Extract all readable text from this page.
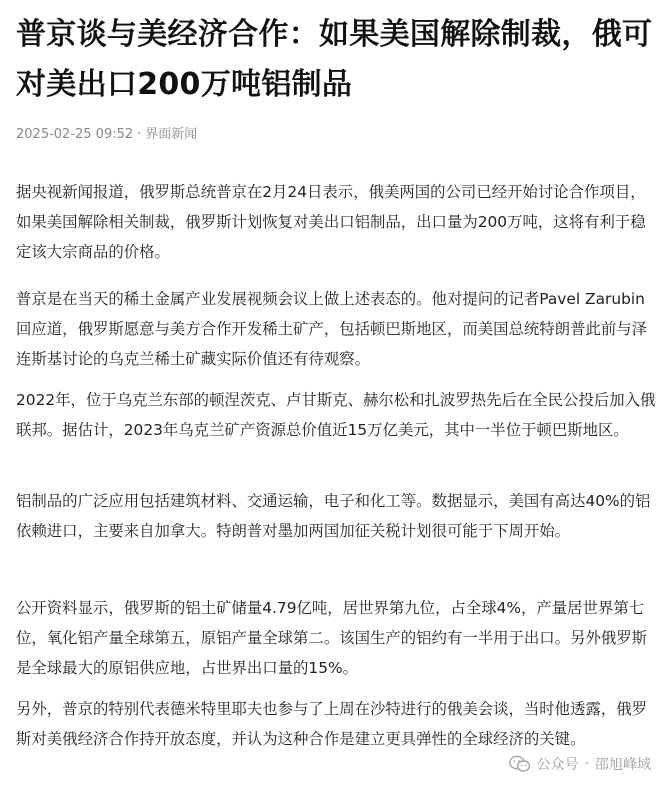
普京谈与美经济合作：如果美国解除制裁，俄可对美出口200万吨铝制品
2025-02-25 09:52 · 界面新闻

据央视新闻报道，俄罗斯总统普京在2月24日表示，俄美两国的公司已经开始讨论合作项目，如果美国解除相关制裁，俄罗斯计划恢复对美出口铝制品，出口量为200万吨，这将有利于稳定该大宗商品的价格。

普京是在当天的稀土金属产业发展视频会议上做上述表态的。他对提问的记者Pavel Zarubin回应道，俄罗斯愿意与美方合作开发稀土矿产，包括顿巴斯地区，而美国总统特朗普此前与泽连斯基讨论的乌克兰稀土矿藏实际价值还有待观察。

2022年，位于乌克兰东部的顿涅茨克、卢甘斯克、赫尔松和扎波罗热先后在全民公投后加入俄联邦。据估计，2023年乌克兰矿产资源总价值近15万亿美元，其中一半位于顿巴斯地区。

铝制品的广泛应用包括建筑材料、交通运输，电子和化工等。数据显示，美国有高达40%的铝依赖进口，主要来自加拿大。特朗普对墨加两国加征关税计划很可能于下周开始。

公开资料显示，俄罗斯的铝土矿储量4.79亿吨，居世界第九位，占全球4%，产量居世界第七位，氧化铝产量全球第五，原铝产量全球第二。该国生产的铝约有一半用于出口。另外俄罗斯是全球最大的原铝供应地，占世界出口量的15%。

另外，普京的特别代表德米特里耶夫也参与了上周在沙特进行的俄美会谈，当时他透露，俄罗斯对美俄经济合作持开放态度，并认为这种合作是建立更具弹性的全球经济的关键。

公众号 · 邵旭峰域
